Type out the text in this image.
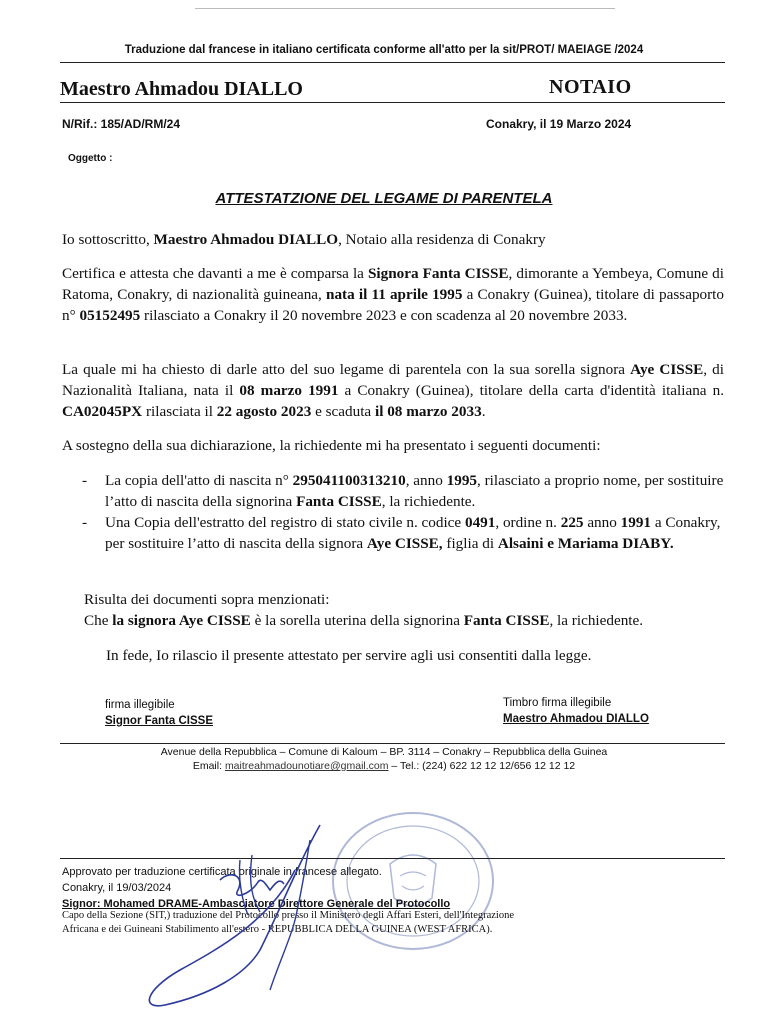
Traduzione dal francese in italiano certificata conforme all'atto per la sit/PROT/ MAEIAGE /2024
Maestro Ahmadou DIALLO	NOTAIO
N/Rif.: 185/AD/RM/24	Conakry, il 19 Marzo 2024
Oggetto :
ATTESTATZIONE DEL LEGAME DI PARENTELA
Io sottoscritto, Maestro Ahmadou DIALLO, Notaio alla residenza di Conakry
Certifica e attesta che davanti a me è comparsa la Signora Fanta CISSE, dimorante a Yembeya, Comune di Ratoma, Conakry, di nazionalità guineana, nata il 11 aprile 1995 a Conakry (Guinea), titolare di passaporto n° 05152495 rilasciato a Conakry il 20 novembre 2023 e con scadenza al 20 novembre 2033.
La quale mi ha chiesto di darle atto del suo legame di parentela con la sua sorella signora Aye CISSE, di Nazionalità Italiana, nata il 08 marzo 1991 a Conakry (Guinea), titolare della carta d'identità italiana n. CA02045PX rilasciata il 22 agosto 2023 e scaduta il 08 marzo 2033.
A sostegno della sua dichiarazione, la richiedente mi ha presentato i seguenti documenti:
- La copia dell'atto di nascita n° 295041100313210, anno 1995, rilasciato a proprio nome, per sostituire l’atto di nascita della signorina Fanta CISSE, la richiedente.
- Una Copia dell'estratto del registro di stato civile n. codice 0491, ordine n. 225 anno 1991 a Conakry, per sostituire l’atto di nascita della signora Aye CISSE, figlia di Alsaini e Mariama DIABY.
Risulta dei documenti sopra menzionati:
Che la signora Aye CISSE è la sorella uterina della signorina Fanta CISSE, la richiedente.
In fede, Io rilascio il presente attestato per servire agli usi consentiti dalla legge.
firma illegibile
Signor Fanta CISSE
Timbro firma illegibile
Maestro Ahmadou DIALLO
Avenue della Repubblica – Comune di Kaloum – BP. 3114 – Conakry – Repubblica della Guinea
Email: maitreahmadounotiare@gmail.com – Tel.: (224) 622 12 12 12/656 12 12 12
Approvato per traduzione certificata originale in francese allegato.
Conakry, il 19/03/2024
Signor: Mohamed DRAME-Ambasciatore Direttore Generale del Protocollo
Capo della Sezione (SIT,) traduzione del Protocollo presso il Ministero degli Affari Esteri, dell'Integrazione
Africana e dei Guineani Stabilimento all'estero - REPUBBLICA DELLA GUINEA (WEST AFRICA).
